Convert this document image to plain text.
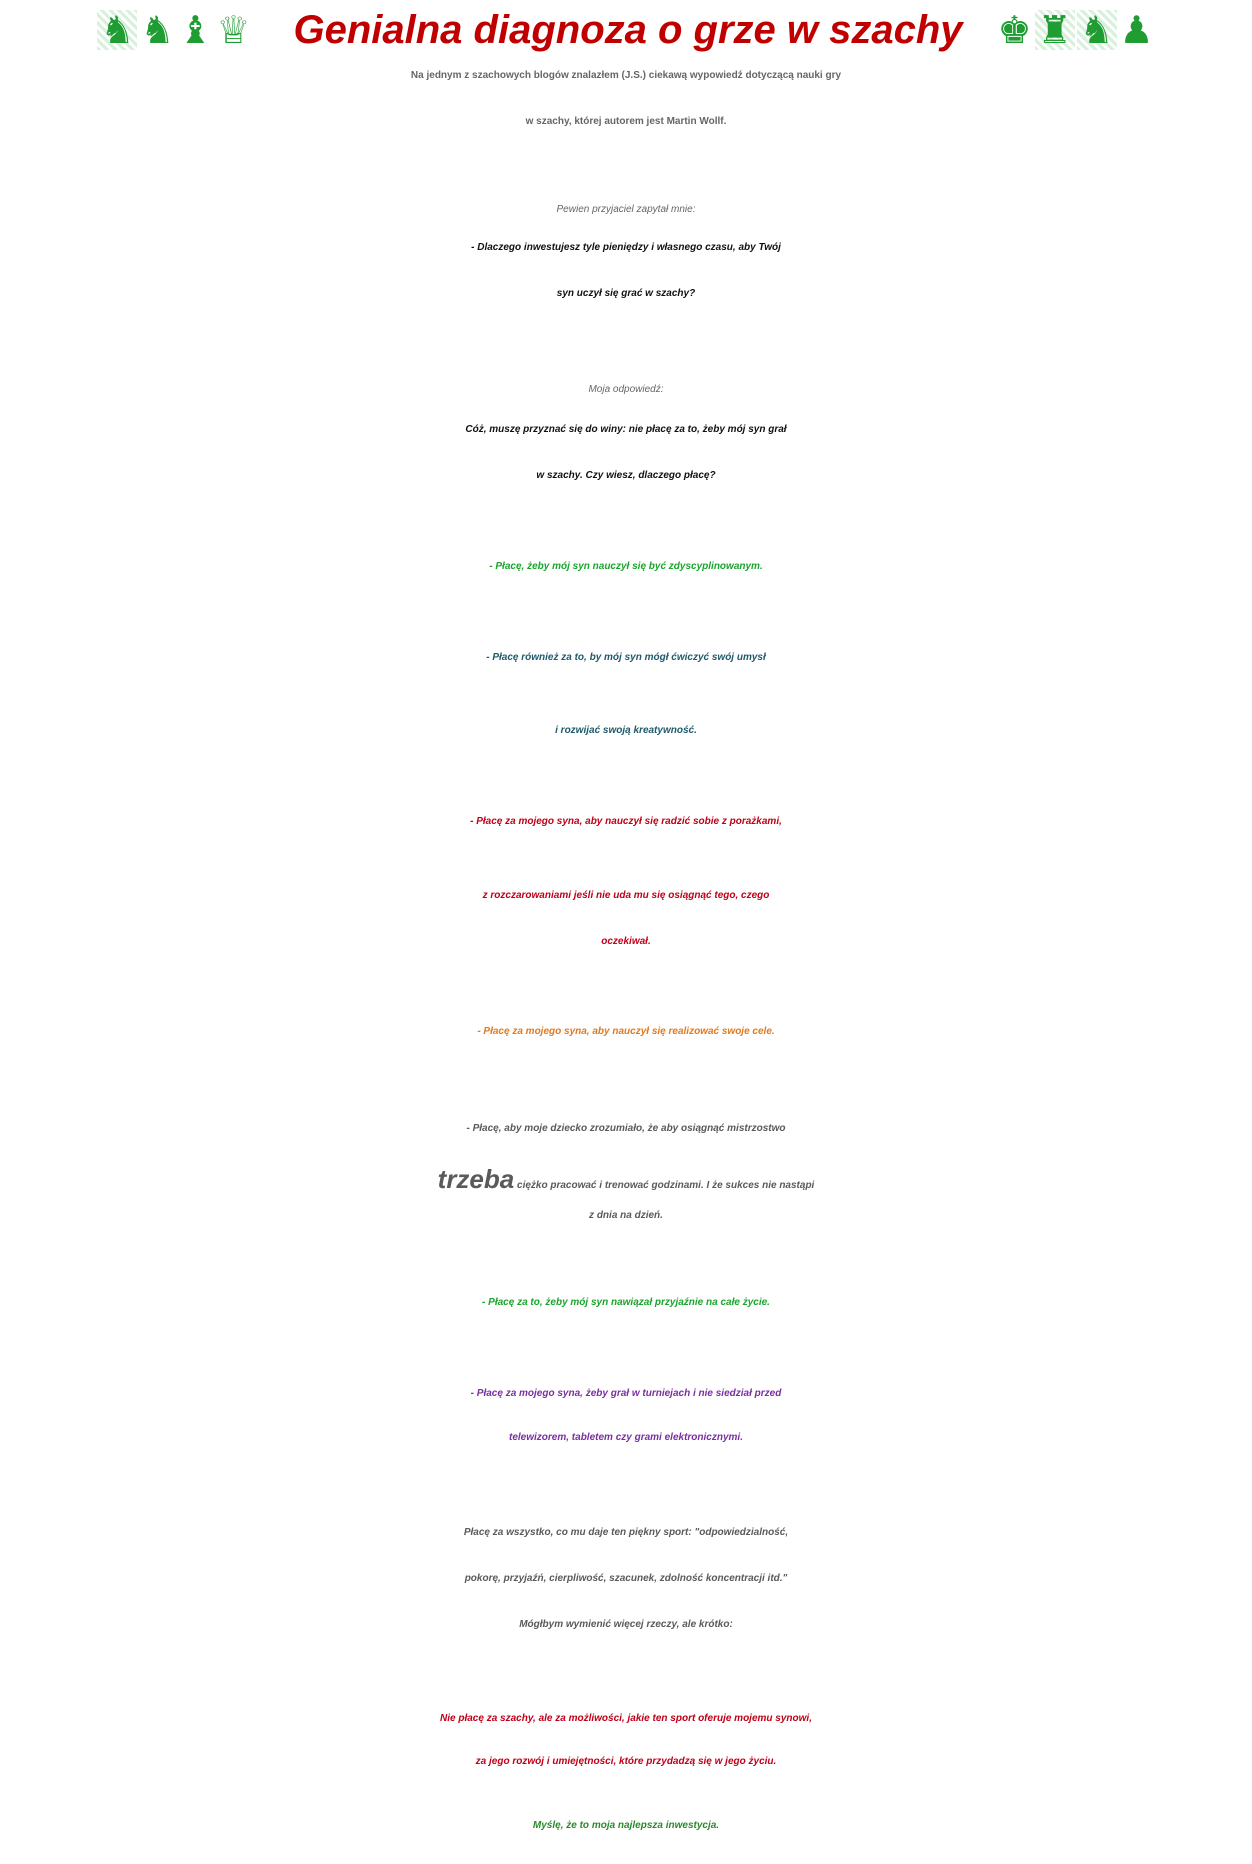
♞ ♞ ♝ ♕ Genialna diagnoza o grze w szachy ♚ ♜ ♞ ♟
Na jednym z szachowych blogów znalazłem (J.S.) ciekawą wypowiedź dotyczącą nauki gry
w szachy, której autorem jest Martin Wollf.
Pewien przyjaciel zapytał mnie:
- Dlaczego inwestujesz tyle pieniędzy i własnego czasu, aby Twój
syn uczył się grać w szachy?
Moja odpowiedź:
Cóż, muszę przyznać się do winy: nie płacę za to, żeby mój syn grał
w szachy. Czy wiesz, dlaczego płacę?
- Płacę, żeby mój syn nauczył się być zdyscyplinowanym.
- Płacę również za to, by mój syn mógł ćwiczyć swój umysł
i rozwijać swoją kreatywność.
- Płacę za mojego syna, aby nauczył się radzić sobie z porażkami,
z rozczarowaniami jeśli nie uda mu się osiągnąć tego, czego
oczekiwał.
- Płacę za mojego syna, aby nauczył się realizować swoje cele.
- Płacę, aby moje dziecko zrozumiało, że aby osiągnąć mistrzostwo
trzeba ciężko pracować i trenować godzinami. I że sukces nie nastąpi
z dnia na dzień.
- Płacę za to, żeby mój syn nawiązał przyjaźnie na całe życie.
- Płacę za mojego syna, żeby grał w turniejach i nie siedział przed
telewizorem, tabletem czy grami elektronicznymi.
Płacę za wszystko, co mu daje ten piękny sport: "odpowiedzialność,
pokorę, przyjaźń, cierpliwość, szacunek, zdolność koncentracji itd."
Mógłbym wymienić więcej rzeczy, ale krótko:
Nie płacę za szachy, ale za możliwości, jakie ten sport oferuje mojemu synowi,
za jego rozwój i umiejętności, które przydadzą się w jego życiu.
Myślę, że to moja najlepsza inwestycja.
